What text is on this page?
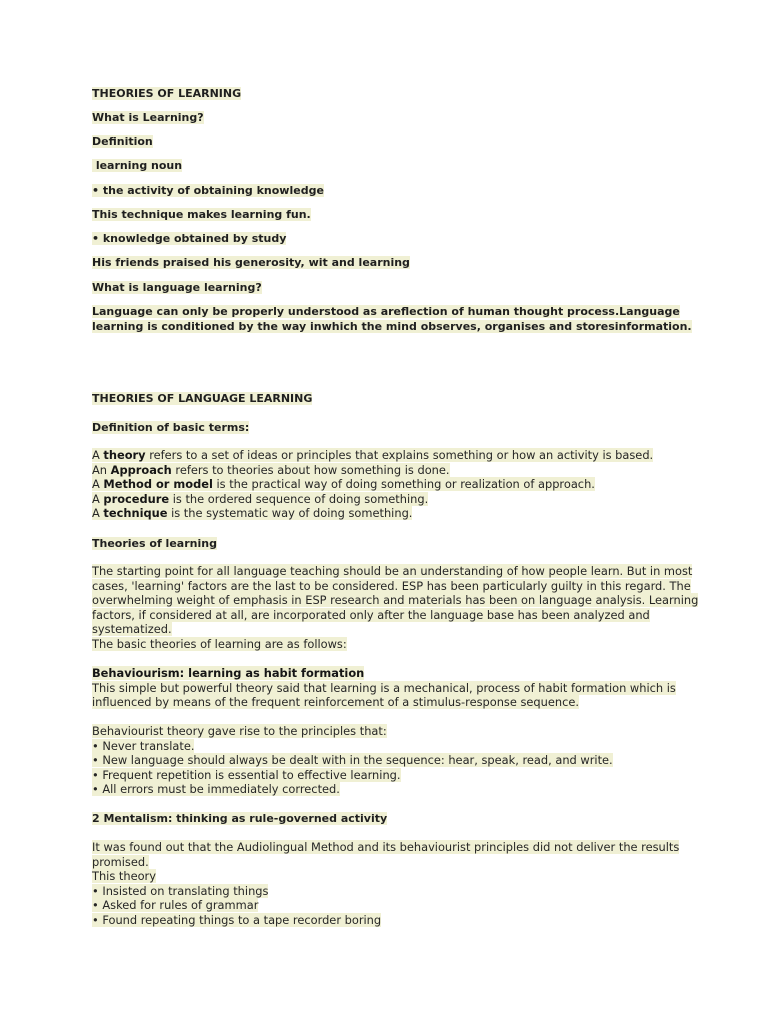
THEORIES OF LEARNING
What is Learning?
Definition
learning noun
• the activity of obtaining knowledge
This technique makes learning fun.
• knowledge obtained by study
His friends praised his generosity, wit and learning
What is language learning?
Language can only be properly understood as areflection of human thought process.Language
learning is conditioned by the way inwhich the mind observes, organises and storesinformation.
THEORIES OF LANGUAGE LEARNING
Definition of basic terms:
A theory refers to a set of ideas or principles that explains something or how an activity is based.
An Approach refers to theories about how something is done.
A Method or model is the practical way of doing something or realization of approach.
A procedure is the ordered sequence of doing something.
A technique is the systematic way of doing something.
Theories of learning
The starting point for all language teaching should be an understanding of how people learn. But in most
cases, 'learning' factors are the last to be considered. ESP has been particularly guilty in this regard. The
overwhelming weight of emphasis in ESP research and materials has been on language analysis. Learning
factors, if considered at all, are incorporated only after the language base has been analyzed and
systematized.
The basic theories of learning are as follows:
Behaviourism: learning as habit formation
This simple but powerful theory said that learning is a mechanical, process of habit formation which is
influenced by means of the frequent reinforcement of a stimulus-response sequence.
Behaviourist theory gave rise to the principles that:
• Never translate.
• New language should always be dealt with in the sequence: hear, speak, read, and write.
• Frequent repetition is essential to effective learning.
• All errors must be immediately corrected.
2 Mentalism: thinking as rule-governed activity
It was found out that the Audiolingual Method and its behaviourist principles did not deliver the results
promised.
This theory
• Insisted on translating things
• Asked for rules of grammar
• Found repeating things to a tape recorder boring
